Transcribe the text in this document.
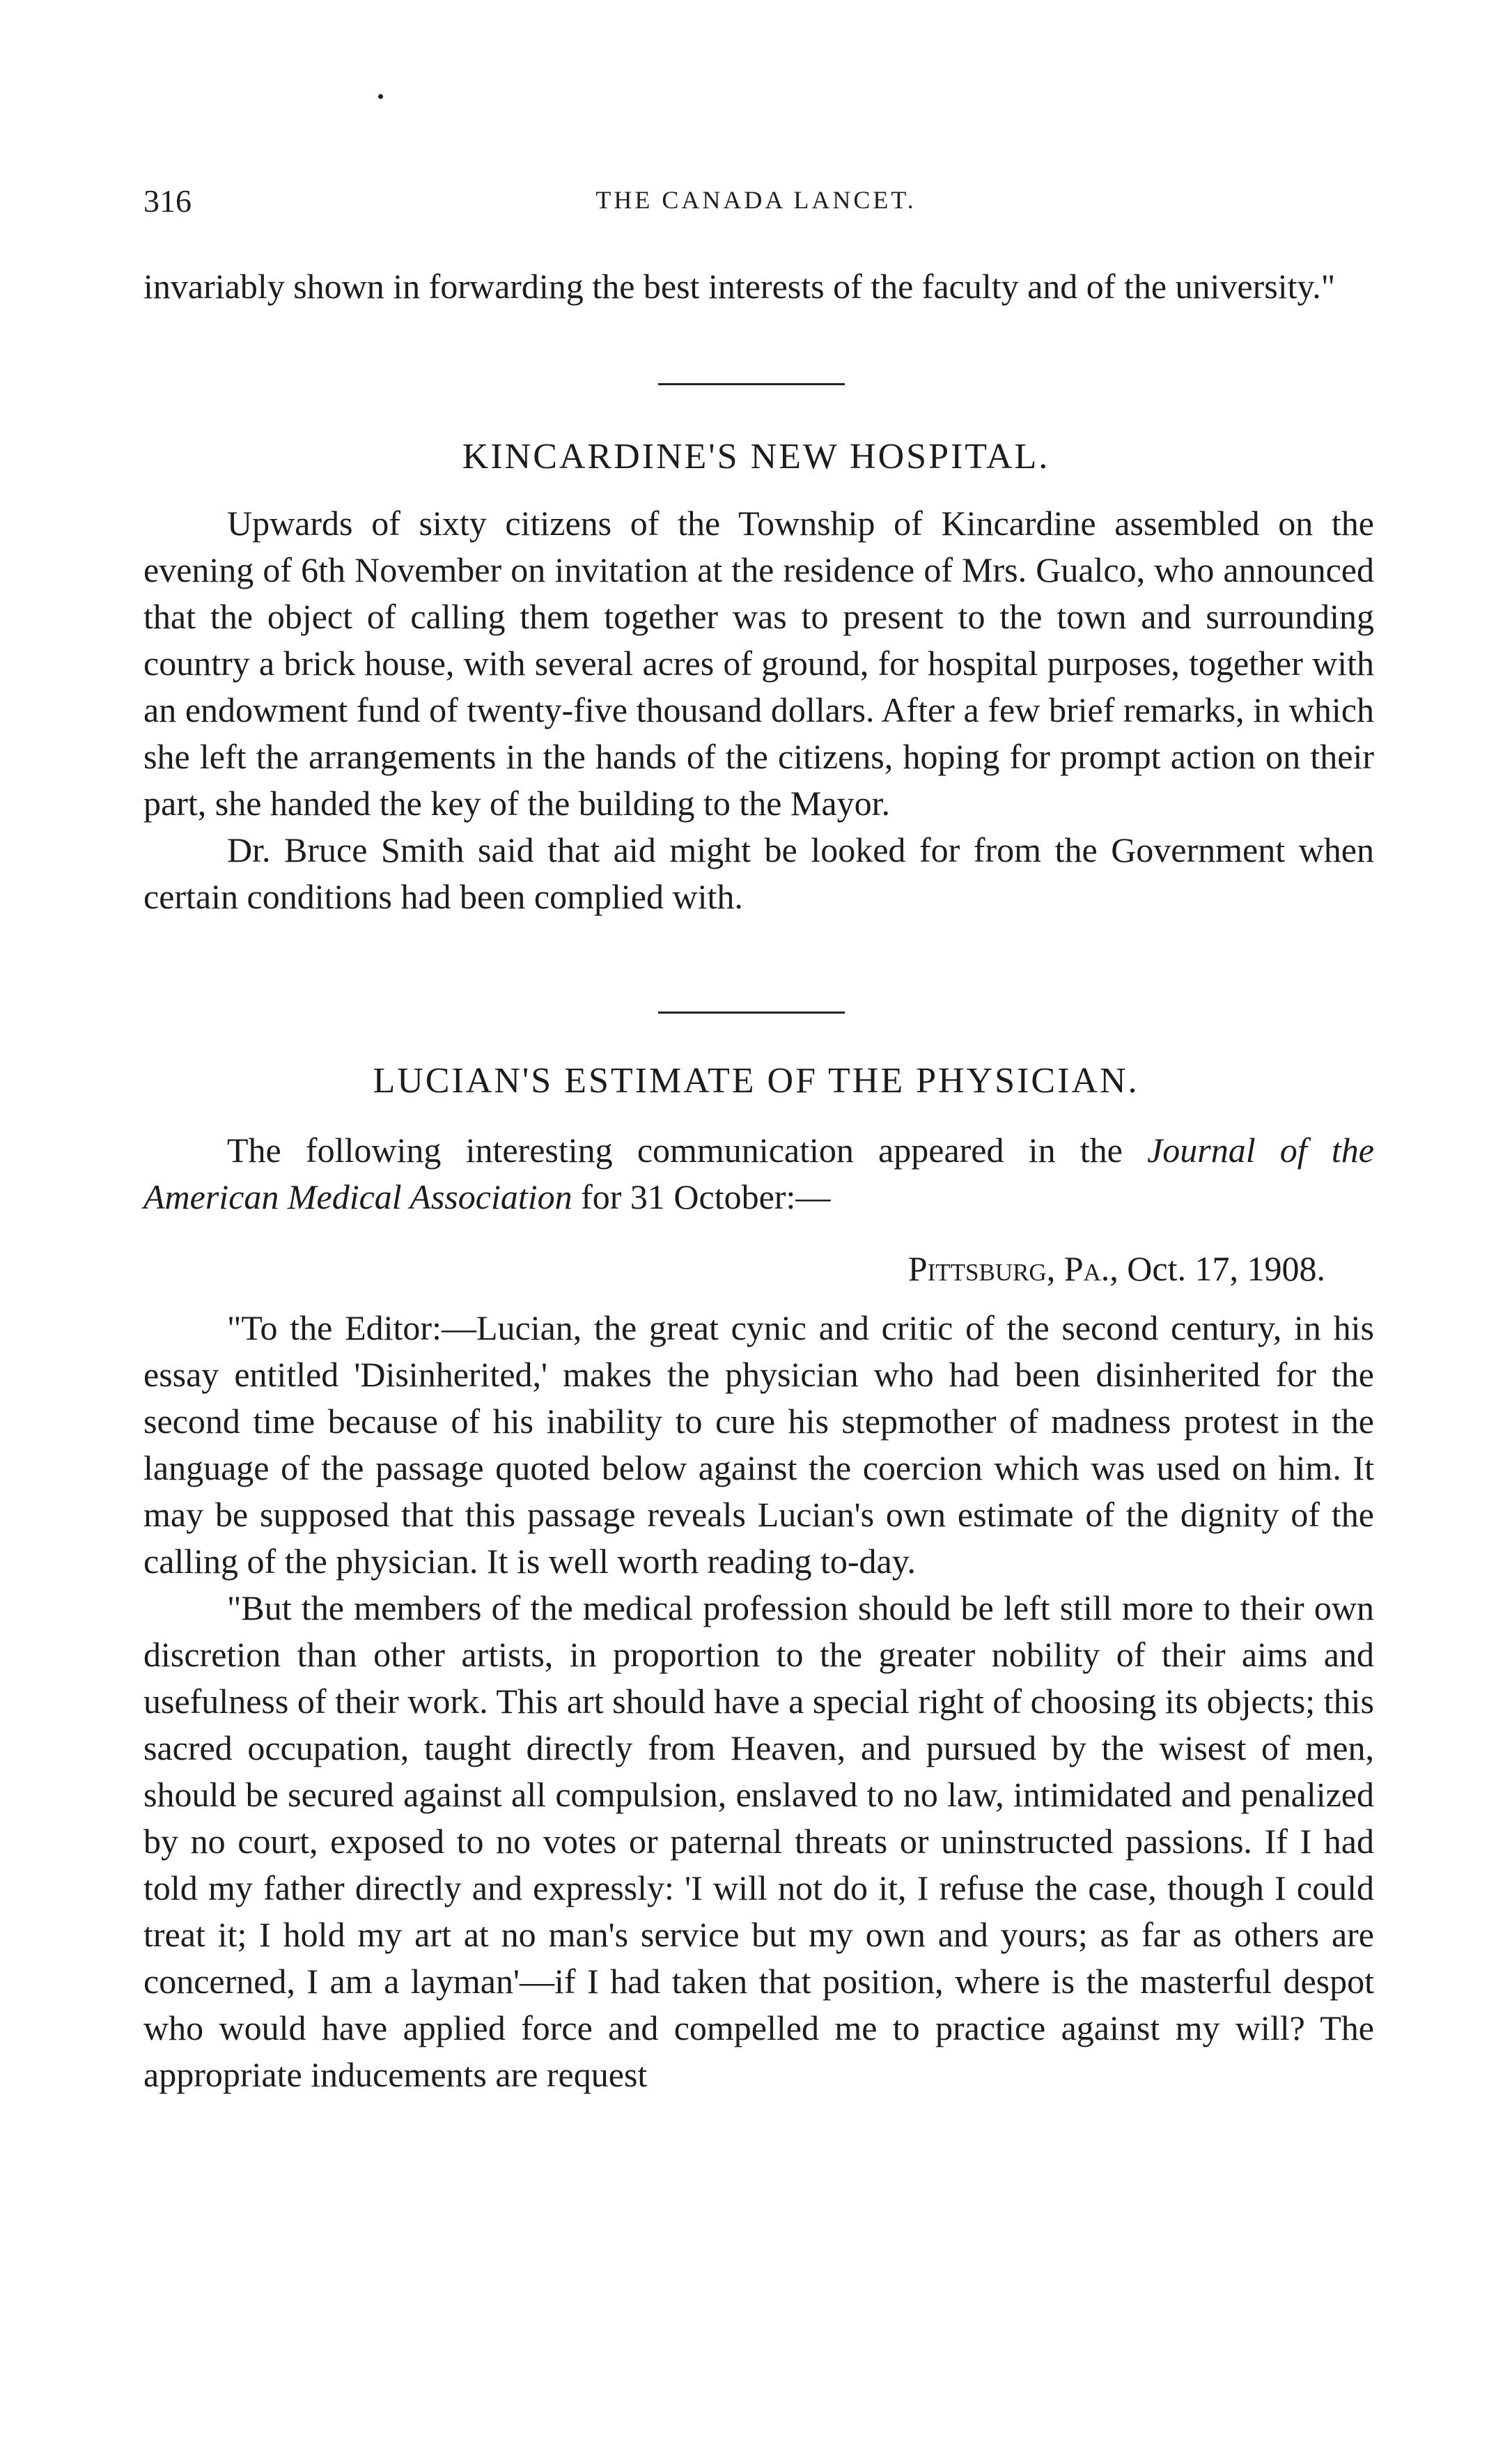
316	THE CANADA LANCET.

invariably shown in forwarding the best interests of the faculty and of the university."

KINCARDINE'S NEW HOSPITAL.

Upwards of sixty citizens of the Township of Kincardine assembled on the evening of 6th November on invitation at the residence of Mrs. Gualco, who announced that the object of calling them together was to present to the town and surrounding country a brick house, with several acres of ground, for hospital purposes, together with an endowment fund of twenty-five thousand dollars. After a few brief remarks, in which she left the arrangements in the hands of the citizens, hoping for prompt action on their part, she handed the key of the building to the Mayor.

Dr. Bruce Smith said that aid might be looked for from the Government when certain conditions had been complied with.

LUCIAN'S ESTIMATE OF THE PHYSICIAN.

The following interesting communication appeared in the Journal of the American Medical Association for 31 October:—

Pittsburg, Pa., Oct. 17, 1908.

"To the Editor:—Lucian, the great cynic and critic of the second century, in his essay entitled 'Disinherited,' makes the physician who had been disinherited for the second time because of his inability to cure his stepmother of madness protest in the language of the passage quoted below against the coercion which was used on him. It may be supposed that this passage reveals Lucian's own estimate of the dignity of the calling of the physician. It is well worth reading to-day.

"But the members of the medical profession should be left still more to their own discretion than other artists, in proportion to the greater nobility of their aims and usefulness of their work. This art should have a special right of choosing its objects; this sacred occupation, taught directly from Heaven, and pursued by the wisest of men, should be secured against all compulsion, enslaved to no law, intimidated and penalized by no court, exposed to no votes or paternal threats or uninstructed passions. If I had told my father directly and expressly: 'I will not do it, I refuse the case, though I could treat it; I hold my art at no man's service but my own and yours; as far as others are concerned, I am a layman'—if I had taken that position, where is the masterful despot who would have applied force and compelled me to practice against my will? The appropriate inducements are request
